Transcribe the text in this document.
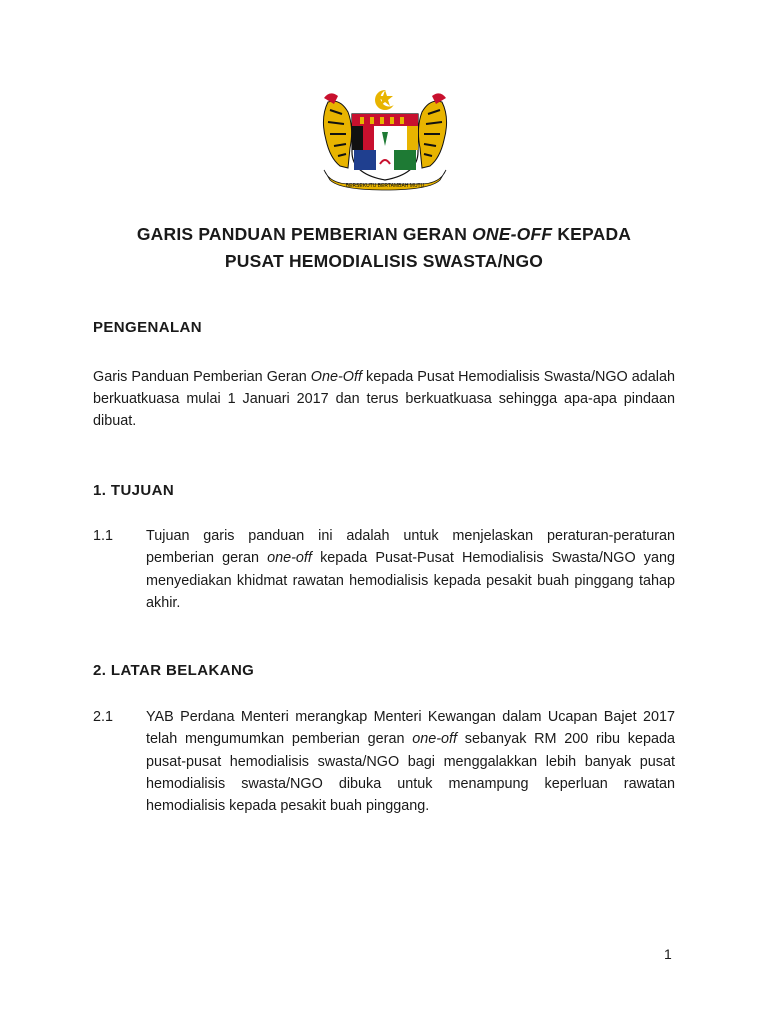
BERSEKUTU BERTAMBAH MUTU
GARIS PANDUAN PEMBERIAN GERAN ONE-OFF KEPADA
PUSAT HEMODIALISIS SWASTA/NGO
PENGENALAN
Garis Panduan Pemberian Geran One-Off kepada Pusat Hemodialisis Swasta/NGO adalah berkuatkuasa mulai 1 Januari 2017 dan terus berkuatkuasa sehingga apa-apa pindaan dibuat.
1. TUJUAN
1.1 Tujuan garis panduan ini adalah untuk menjelaskan peraturan-peraturan pemberian geran one-off kepada Pusat-Pusat Hemodialisis Swasta/NGO yang menyediakan khidmat rawatan hemodialisis kepada pesakit buah pinggang tahap akhir.
2. LATAR BELAKANG
2.1 YAB Perdana Menteri merangkap Menteri Kewangan dalam Ucapan Bajet 2017 telah mengumumkan pemberian geran one-off sebanyak RM 200 ribu kepada pusat-pusat hemodialisis swasta/NGO bagi menggalakkan lebih banyak pusat hemodialisis swasta/NGO dibuka untuk menampung keperluan rawatan hemodialisis kepada pesakit buah pinggang.
1
